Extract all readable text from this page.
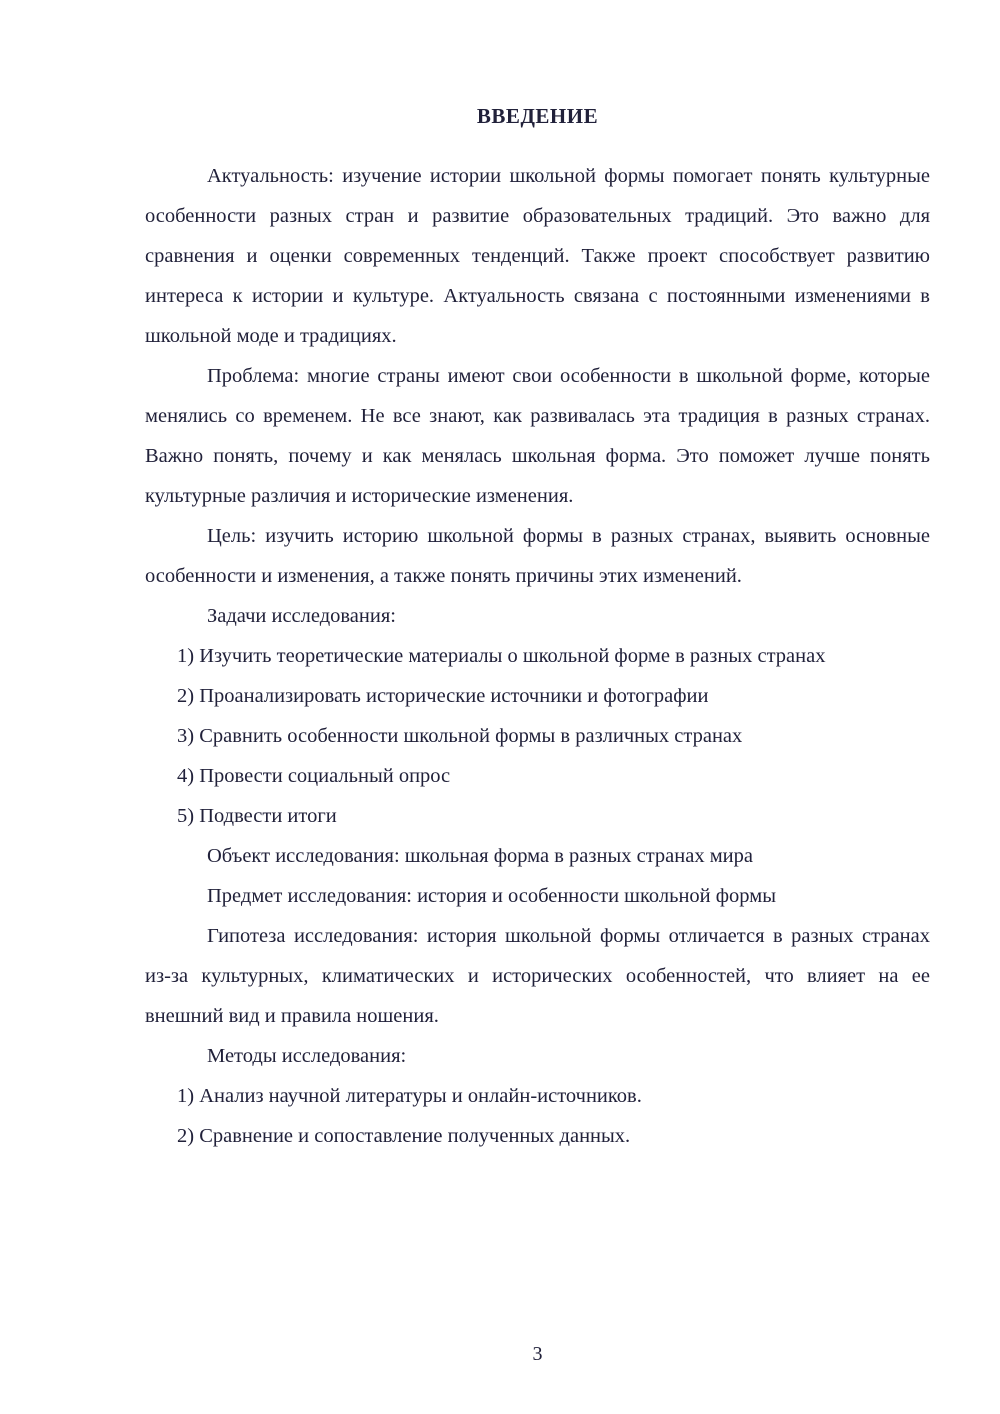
ВВЕДЕНИЕ

Актуальность: изучение истории школьной формы помогает понять культурные особенности разных стран и развитие образовательных традиций. Это важно для сравнения и оценки современных тенденций. Также проект способствует развитию интереса к истории и культуре. Актуальность связана с постоянными изменениями в школьной моде и традициях.

Проблема: многие страны имеют свои особенности в школьной форме, которые менялись со временем. Не все знают, как развивалась эта традиция в разных странах. Важно понять, почему и как менялась школьная форма. Это поможет лучше понять культурные различия и исторические изменения.

Цель: изучить историю школьной формы в разных странах, выявить основные особенности и изменения, а также понять причины этих изменений.

Задачи исследования:

1) Изучить теоретические материалы о школьной форме в разных странах

2) Проанализировать исторические источники и фотографии

3) Сравнить особенности школьной формы в различных странах

4) Провести социальный опрос

5) Подвести итоги

Объект исследования: школьная форма в разных странах мира

Предмет исследования: история и особенности школьной формы

Гипотеза исследования: история школьной формы отличается в разных странах из-за культурных, климатических и исторических особенностей, что влияет на ее внешний вид и правила ношения.

Методы исследования:

1) Анализ научной литературы и онлайн-источников.

2) Сравнение и сопоставление полученных данных.

3
